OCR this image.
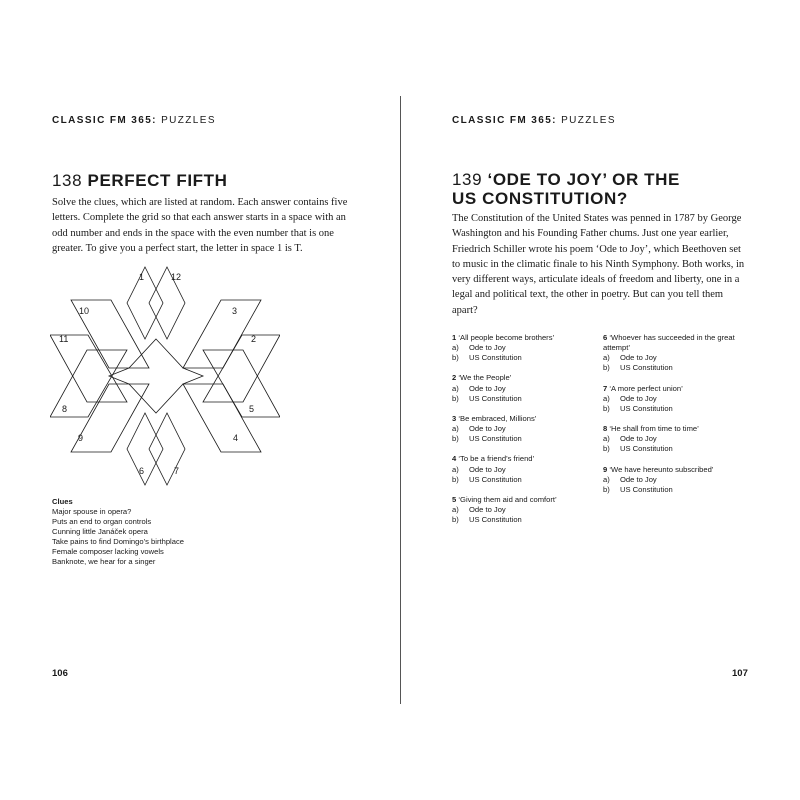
CLASSIC FM 365: PUZZLES
138 PERFECT FIFTH

Solve the clues, which are listed at random. Each answer contains five letters. Complete the grid so that each answer starts in a space with an odd number and ends in the space with the even number that is one greater. To give you a perfect start, the letter in space 1 is T.

1	12
10	3
11	2
8	5
9	4
6	7
Clues
Major spouse in opera?
Puts an end to organ controls
Cunning little Janáček opera
Take pains to find Domingo’s birthplace
Female composer lacking vowels
Banknote, we hear for a singer
106
CLASSIC FM 365: PUZZLES
139 ‘ODE TO JOY’ OR THE
US CONSTITUTION?

The Constitution of the United States was penned in 1787 by George Washington and his Founding Father chums. Just one year earlier, Friedrich Schiller wrote his poem ‘Ode to Joy’, which Beethoven set to music in the climatic finale to his Ninth Symphony. Both works, in very different ways, articulate ideals of freedom and liberty, one in a legal and political text, the other in poetry. But can you tell them apart?

1 ‘All people become brothers’
a)	Ode to Joy
b)	US Constitution
2 ‘We the People’
a)	Ode to Joy
b)	US Constitution
3 ‘Be embraced, Millions’
a)	Ode to Joy
b)	US Constitution
4 ‘To be a friend’s friend’
a)	Ode to Joy
b)	US Constitution
5 ‘Giving them aid and comfort’
a)	Ode to Joy
b)	US Constitution
6 ‘Whoever has succeeded in the great
attempt’
a)	Ode to Joy
b)	US Constitution
7 ‘A more perfect union’
a)	Ode to Joy
b)	US Constitution
8 ‘He shall from time to time’
a)	Ode to Joy
b)	US Constitution
9 ‘We have hereunto subscribed’
a)	Ode to Joy
b)	US Constitution
107
